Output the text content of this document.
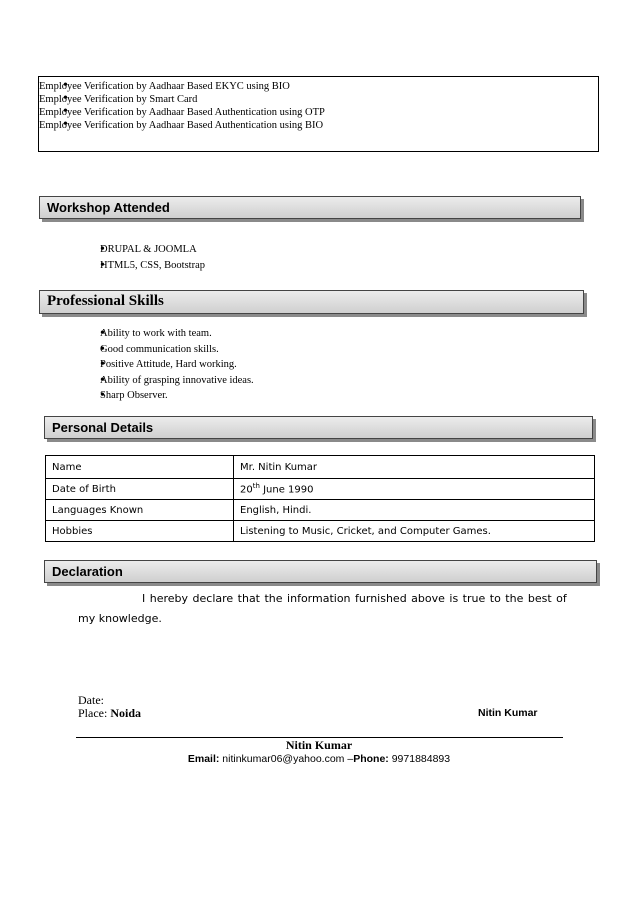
• Employee Verification by Aadhaar Based EKYC using BIO
• Employee Verification by Smart Card
• Employee Verification by Aadhaar Based Authentication using OTP
• Employee Verification by Aadhaar Based Authentication using BIO
Workshop Attended
• DRUPAL & JOOMLA
• HTML5, CSS, Bootstrap
Professional Skills
• Ability to work with team.
• Good communication skills.
• Positive Attitude, Hard working.
• Ability of grasping innovative ideas.
• Sharp Observer.
Personal Details
Name	Mr. Nitin Kumar
Date of Birth	20th June 1990
Languages Known	English, Hindi.
Hobbies	Listening to Music, Cricket, and Computer Games.
Declaration
I hereby declare that the information furnished above is true to the best of
my knowledge.
Date:
Place: Noida	Nitin Kumar
Nitin Kumar
Email: nitinkumar06@yahoo.com –Phone: 9971884893
